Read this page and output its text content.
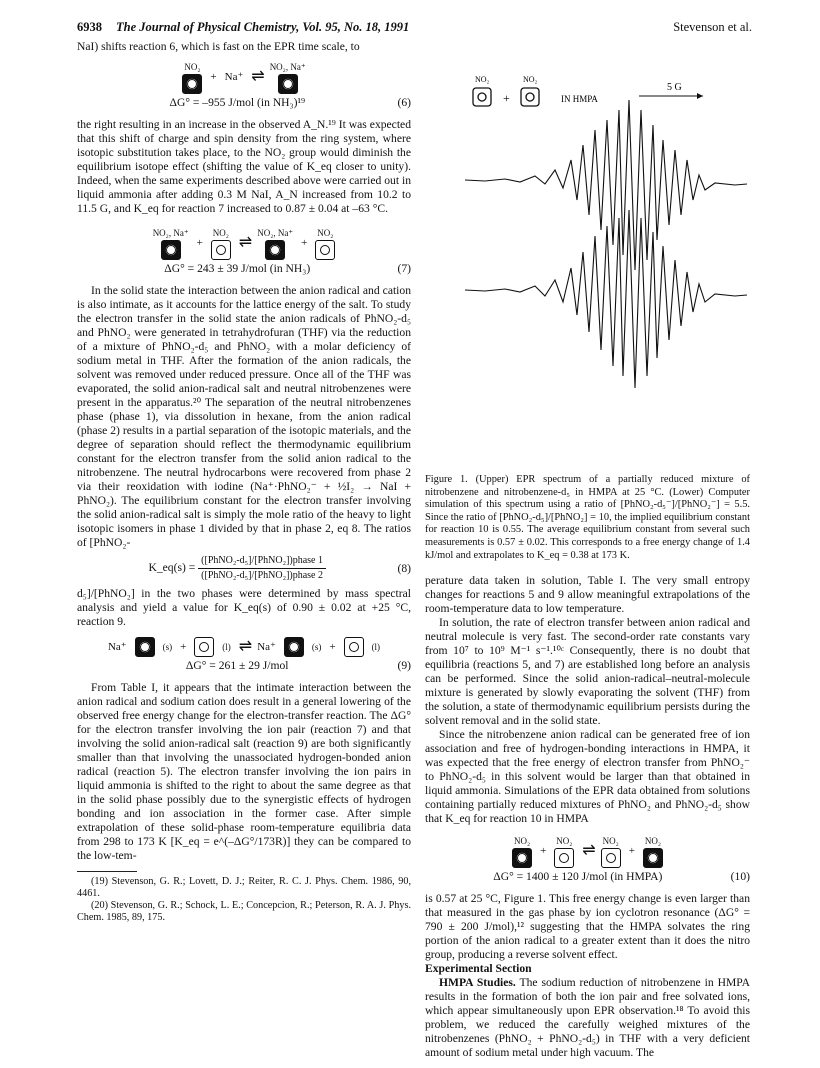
6938 The Journal of Physical Chemistry, Vol. 95, No. 18, 1991	Stevenson et al.

NaI) shifts reaction 6, which is fast on the EPR time scale, to

NO₂
+ Na⁺ ⇌
NO₂, Na⁺
ΔG° = –955 J/mol (in NH₃)¹⁹	(6)

the right resulting in an increase in the observed A_N.¹⁹ It was expected that this shift of charge and spin density from the ring system, where isotopic substitution takes place, to the NO₂ group would diminish the equilibrium isotope effect (shifting the value of K_eq closer to unity). Indeed, when the same experiments described above were carried out in liquid ammonia after adding 0.3 M NaI, A_N increased from 10.2 to 11.5 G, and K_eq for reaction 7 increased to 0.87 ± 0.04 at –63 °C.

NO₂, Na⁺
+
NO₂
⇌
NO₂, Na⁺
+
NO₂
ΔG° = 243 ± 39 J/mol (in NH₃)	(7)

In the solid state the interaction between the anion radical and cation is also intimate, as it accounts for the lattice energy of the salt. To study the electron transfer in the solid state the anion radicals of PhNO₂-d₅ and PhNO₂ were generated in tetrahydrofuran (THF) via the reduction of a mixture of PhNO₂-d₅ and PhNO₂ with a molar deficiency of sodium metal in THF. After the formation of the anion radicals, the solvent was removed under reduced pressure. Once all of the THF was evaporated, the solid anion-radical salt and neutral nitrobenzenes were present in the apparatus.²⁰ The separation of the neutral nitrobenzenes phase (phase 1), via dissolution in hexane, from the anion radical (phase 2) results in a partial separation of the isotopic materials, and the degree of separation should reflect the thermodynamic equilibrium constant for the electron transfer from the solid anion radical to the nitrobenzene. The neutral hydrocarbons were recovered from phase 2 via their reoxidation with iodine (Na⁺·PhNO₂⁻ + ½I₂ → NaI + PhNO₂). The equilibrium constant for the electron transfer involving the solid anion-radical salt is simply the mole ratio of the heavy to light isotopic isomers in phase 1 divided by that in phase 2, eq 8. The ratios of [PhNO₂-

K_eq(s) = $\frac{\text{([PhNO₂-d₅]/[PhNO₂])phase 1}}{\text{([PhNO₂-d₅]/[PhNO₂])phase 2}}$	(8)

d₅]/[PhNO₂] in the two phases were determined by mass spectral analysis and yield a value for K_eq(s) of 0.90 ± 0.02 at +25 °C, reaction 9.

Na⁺	(s) +	(l) ⇌ Na⁺	(s) +	(l)
ΔG° = 261 ± 29 J/mol	(9)

From Table I, it appears that the intimate interaction between the anion radical and sodium cation does result in a general lowering of the observed free energy change for the electron-transfer reaction. The ΔG° for the electron transfer involving the ion pair (reaction 7) and that involving the solid anion-radical salt (reaction 9) are both significantly smaller than that involving the unassociated hydrogen-bonded anion radical (reaction 5). The electron transfer involving the ion pairs in liquid ammonia is shifted to the right to about the same degree as that in the solid phase possibly due to the synergistic effects of hydrogen bonding and ion association in the former case. After simple extrapolation of these solid-phase room-temperature equilibria data from 298 to 173 K [K_eq = e^(–ΔG°/173R)] they can be compared to the low-tem-

(19) Stevenson, G. R.; Lovett, D. J.; Reiter, R. C. J. Phys. Chem. 1986, 90, 4461.

(20) Stevenson, G. R.; Schock, L. E.; Concepcion, R.; Peterson, R. A. J. Phys. Chem. 1985, 89, 175.

NO₂	NO₂
+	IN HMPA
5 G

Figure 1. (Upper) EPR spectrum of a partially reduced mixture of nitrobenzene and nitrobenzene-d₅ in HMPA at 25 °C. (Lower) Computer simulation of this spectrum using a ratio of [PhNO₂-d₅⁻]/[PhNO₂⁻] = 5.5. Since the ratio of [PhNO₂-d₅]/[PhNO₂] = 10, the implied equilibrium constant for reaction 10 is 0.55. The average equilibrium constant from several such measurements is 0.57 ± 0.02. This corresponds to a free energy change of 1.4 kJ/mol and extrapolates to K_eq = 0.38 at 173 K.

perature data taken in solution, Table I. The very small entropy changes for reactions 5 and 9 allow meaningful extrapolations of the room-temperature data to low temperature.

In solution, the rate of electron transfer between anion radical and neutral molecule is very fast. The second-order rate constants vary from 10⁷ to 10⁹ M⁻¹ s⁻¹.¹⁰ᶜ Consequently, there is no doubt that equilibria (reactions 5, and 7) are established long before an analysis can be performed. Since the solid anion-radical–neutral-molecule mixture is generated by slowly evaporating the solvent (THF) from the solution, a state of thermodynamic equilibrium persists during the solvent removal and in the solid state.

Since the nitrobenzene anion radical can be generated free of ion association and free of hydrogen-bonding interactions in HMPA, it was expected that the free energy of electron transfer from PhNO₂⁻ to PhNO₂-d₅ in this solvent would be larger than that obtained in liquid ammonia. Simulations of the EPR data obtained from solutions containing partially reduced mixtures of PhNO₂ and PhNO₂-d₅ show that K_eq for reaction 10 in HMPA

NO₂
+
NO₂
⇌
NO₂
+
NO₂
ΔG° = 1400 ± 120 J/mol (in HMPA)	(10)

is 0.57 at 25 °C, Figure 1. This free energy change is even larger than that measured in the gas phase by ion cyclotron resonance (ΔG° = 790 ± 200 J/mol),¹² suggesting that the HMPA solvates the ring portion of the anion radical to a greater extent than it does the nitro group, producing a reverse solvent effect.

Experimental Section

HMPA Studies. The sodium reduction of nitrobenzene in HMPA results in the formation of both the ion pair and free solvated ions, which appear simultaneously upon EPR observation.¹⁸ To avoid this problem, we reduced the carefully weighed mixtures of the nitrobenzenes (PhNO₂ + PhNO₂-d₅) in THF with a very deficient amount of sodium metal under high vacuum. The
